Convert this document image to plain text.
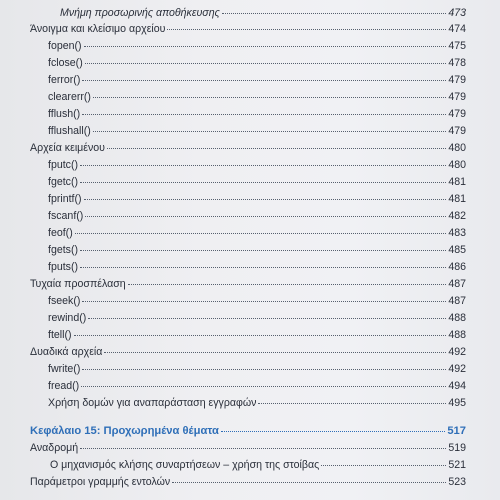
Μνήμη προσωρινής αποθήκευσης	473
Άνοιγμα και κλείσιμο αρχείου	474
fopen()	475
fclose()	478
ferror()	479
clearerr()	479
fflush()	479
fflushall()	479
Αρχεία κειμένου	480
fputc()	480
fgetc()	481
fprintf()	481
fscanf()	482
feof()	483
fgets()	485
fputs()	486
Τυχαία προσπέλαση	487
fseek()	487
rewind()	488
ftell()	488
Δυαδικά αρχεία	492
fwrite()	492
fread()	494
Χρήση δομών για αναπαράσταση εγγραφών	495
Κεφάλαιο 15: Προχωρημένα θέματα	517
Αναδρομή	519
Ο μηχανισμός κλήσης συναρτήσεων – χρήση της στοίβας	521
Παράμετροι γραμμής εντολών	523
